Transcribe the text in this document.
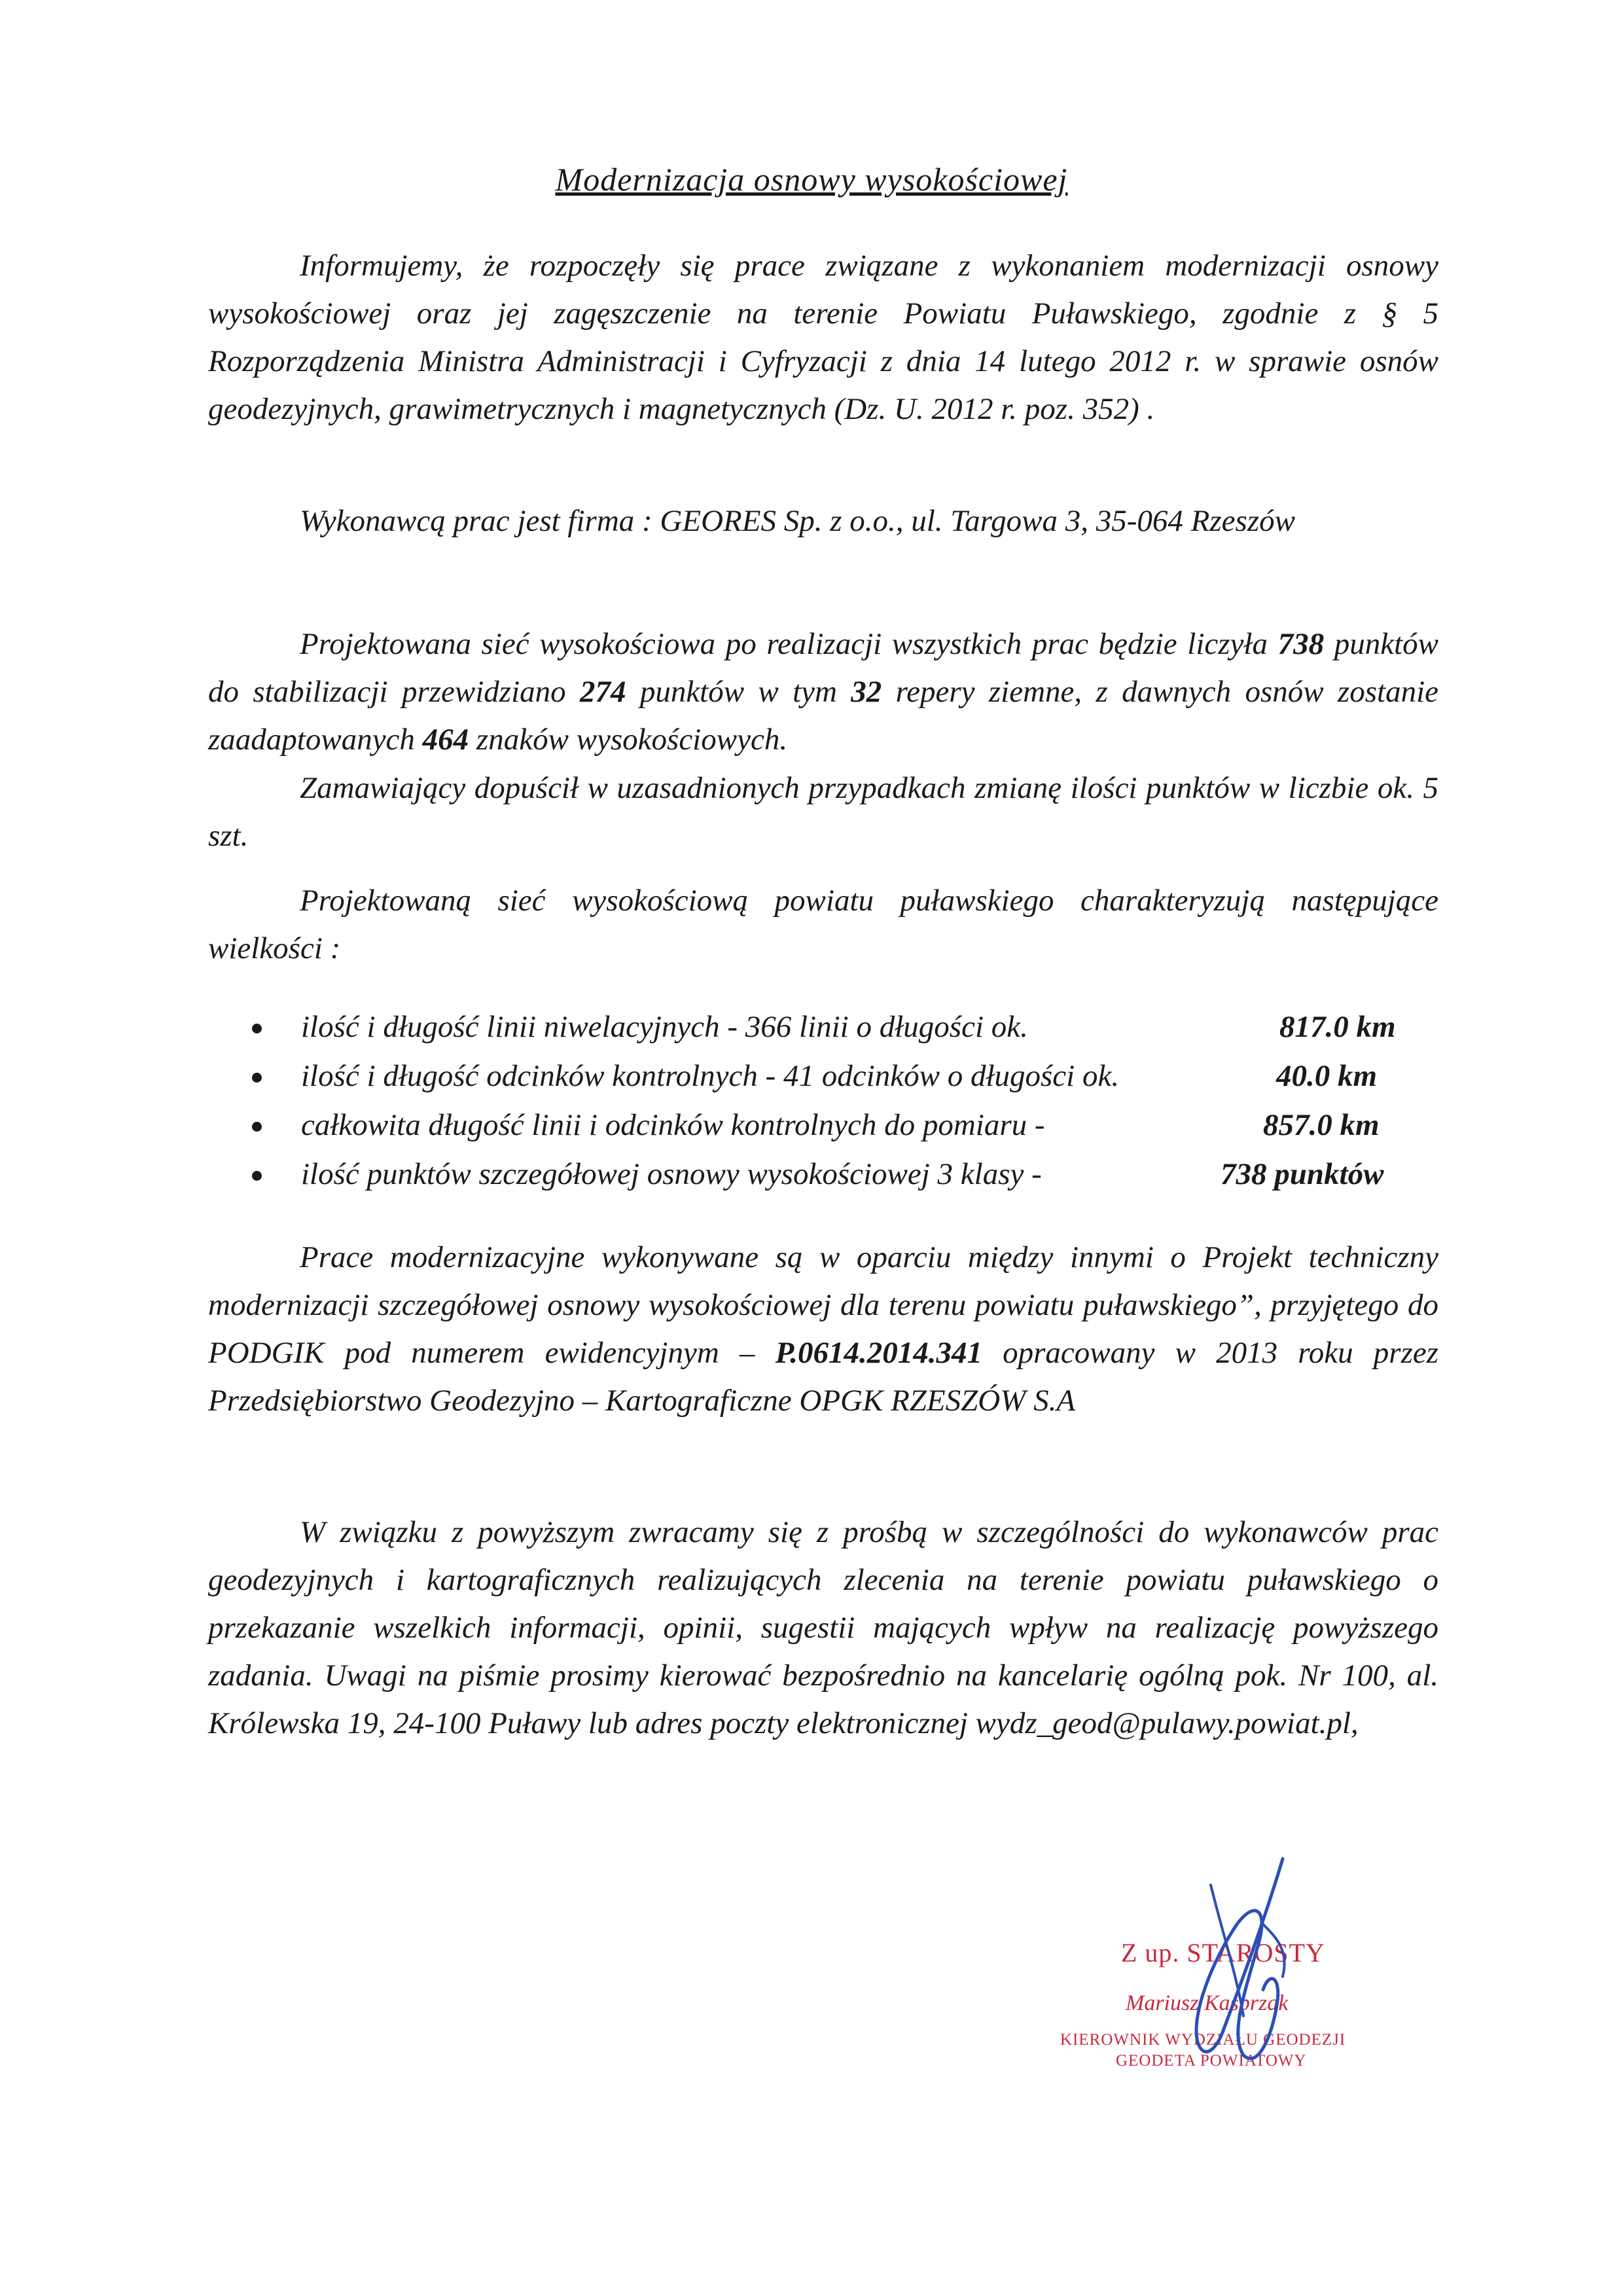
Modernizacja osnowy wysokościowej
Informujemy, że rozpoczęły się prace związane z wykonaniem modernizacji osnowy wysokościowej oraz jej zagęszczenie na terenie Powiatu Puławskiego, zgodnie z § 5 Rozporządzenia Ministra Administracji i Cyfryzacji z dnia 14 lutego 2012 r. w sprawie osnów geodezyjnych, grawimetrycznych i magnetycznych (Dz. U. 2012 r. poz. 352) .
Wykonawcą prac jest firma : GEORES Sp. z o.o., ul. Targowa 3, 35-064 Rzeszów
Projektowana sieć wysokościowa po realizacji wszystkich prac będzie liczyła 738 punktów do stabilizacji przewidziano 274 punktów w tym 32 repery ziemne, z dawnych osnów zostanie zaadaptowanych 464 znaków wysokościowych.
Zamawiający dopuścił w uzasadnionych przypadkach zmianę ilości punktów w liczbie ok. 5 szt.
Projektowaną sieć wysokościową powiatu puławskiego charakteryzują następujące wielkości :
ilość i długość linii niwelacyjnych - 366 linii o długości ok.	817.0 km
ilość i długość odcinków kontrolnych - 41 odcinków o długości ok.	40.0 km
całkowita długość linii i odcinków kontrolnych do pomiaru -	857.0 km
ilość punktów szczegółowej osnowy wysokościowej 3 klasy -	738 punktów
Prace modernizacyjne wykonywane są w oparciu między innymi o Projekt techniczny modernizacji szczegółowej osnowy wysokościowej dla terenu powiatu puławskiego”, przyjętego do PODGIK pod numerem ewidencyjnym – P.0614.2014.341 opracowany w 2013 roku przez Przedsiębiorstwo Geodezyjno – Kartograficzne OPGK RZESZÓW S.A
W związku z powyższym zwracamy się z prośbą w szczególności do wykonawców prac geodezyjnych i kartograficznych realizujących zlecenia na terenie powiatu puławskiego o przekazanie wszelkich informacji, opinii, sugestii mających wpływ na realizację powyższego zadania. Uwagi na piśmie prosimy kierować bezpośrednio na kancelarię ogólną pok. Nr 100, al. Królewska 19, 24-100 Puławy lub adres poczty elektronicznej wydz_geod@pulawy.powiat.pl,
Z up. STAROSTY
Mariusz Kasprzak
KIEROWNIK WYDZIAŁU GEODEZJI
GEODETA POWIATOWY
